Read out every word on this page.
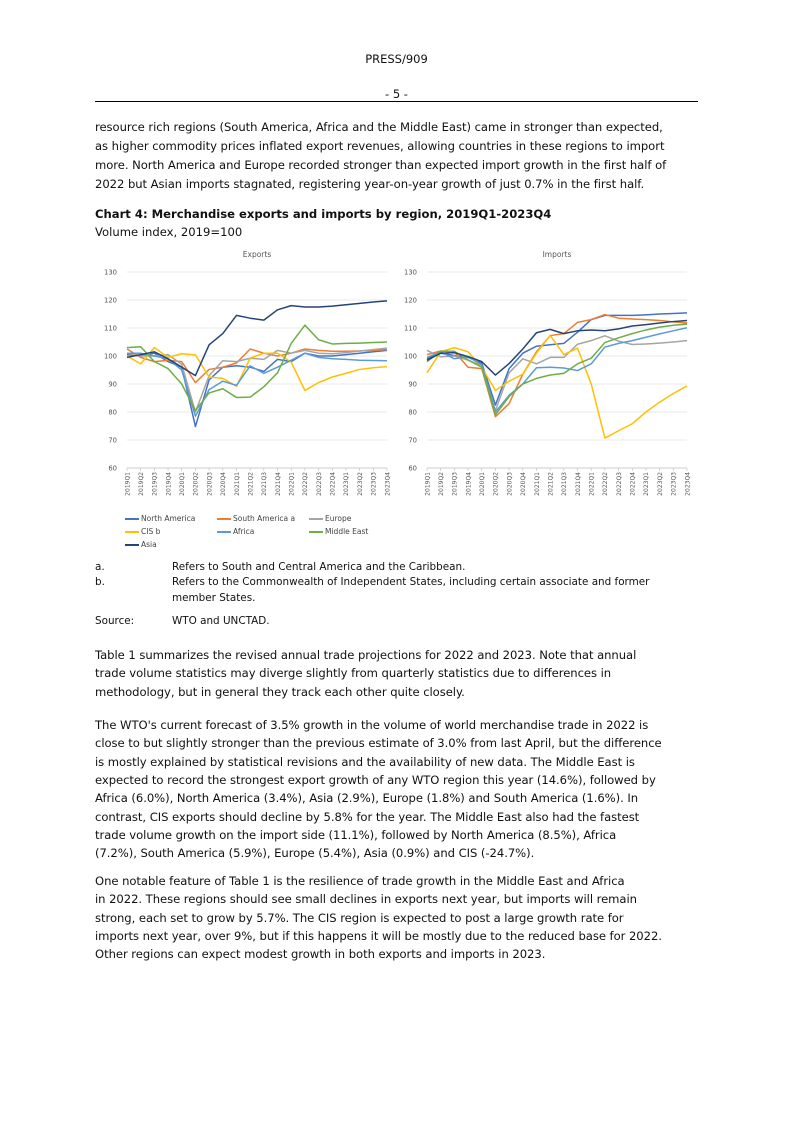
PRESS/909
- 5 -
resource rich regions (South America, Africa and the Middle East) came in stronger than expected,
as higher commodity prices inflated export revenues, allowing countries in these regions to import
more. North America and Europe recorded stronger than expected import growth in the first half of
2022 but Asian imports stagnated, registering year-on-year growth of just 0.7% in the first half.
Chart 4: Merchandise exports and imports by region, 2019Q1-2023Q4
Volume index, 2019=100
Exports
60
70
80
90
100
110
120
130
2019Q1 2019Q2 2019Q3 2019Q4 2020Q1 2020Q2 2020Q3 2020Q4 2021Q1 2021Q2 2021Q3 2021Q4 2022Q1 2022Q2 2022Q3 2022Q4 2023Q1 2023Q2 2023Q3 2023Q4
Imports
60
70
80
90
100
110
120
130
2019Q1 2019Q2 2019Q3 2019Q4 2020Q1 2020Q2 2020Q3 2020Q4 2021Q1 2021Q2 2021Q3 2021Q4 2022Q1 2022Q2 2022Q3 2022Q4 2023Q1 2023Q2 2023Q3 2023Q4
North America	South America a	Europe
CIS b	Africa	Middle East
Asia
a.	Refers to South and Central America and the Caribbean.
b.	Refers to the Commonwealth of Independent States, including certain associate and former
member States.
Source:	WTO and UNCTAD.
Table 1 summarizes the revised annual trade projections for 2022 and 2023. Note that annual
trade volume statistics may diverge slightly from quarterly statistics due to differences in
methodology, but in general they track each other quite closely.
The WTO's current forecast of 3.5% growth in the volume of world merchandise trade in 2022 is
close to but slightly stronger than the previous estimate of 3.0% from last April, but the difference
is mostly explained by statistical revisions and the availability of new data. The Middle East is
expected to record the strongest export growth of any WTO region this year (14.6%), followed by
Africa (6.0%), North America (3.4%), Asia (2.9%), Europe (1.8%) and South America (1.6%). In
contrast, CIS exports should decline by 5.8% for the year. The Middle East also had the fastest
trade volume growth on the import side (11.1%), followed by North America (8.5%), Africa
(7.2%), South America (5.9%), Europe (5.4%), Asia (0.9%) and CIS (-24.7%).
One notable feature of Table 1 is the resilience of trade growth in the Middle East and Africa
in 2022. These regions should see small declines in exports next year, but imports will remain
strong, each set to grow by 5.7%. The CIS region is expected to post a large growth rate for
imports next year, over 9%, but if this happens it will be mostly due to the reduced base for 2022.
Other regions can expect modest growth in both exports and imports in 2023.
